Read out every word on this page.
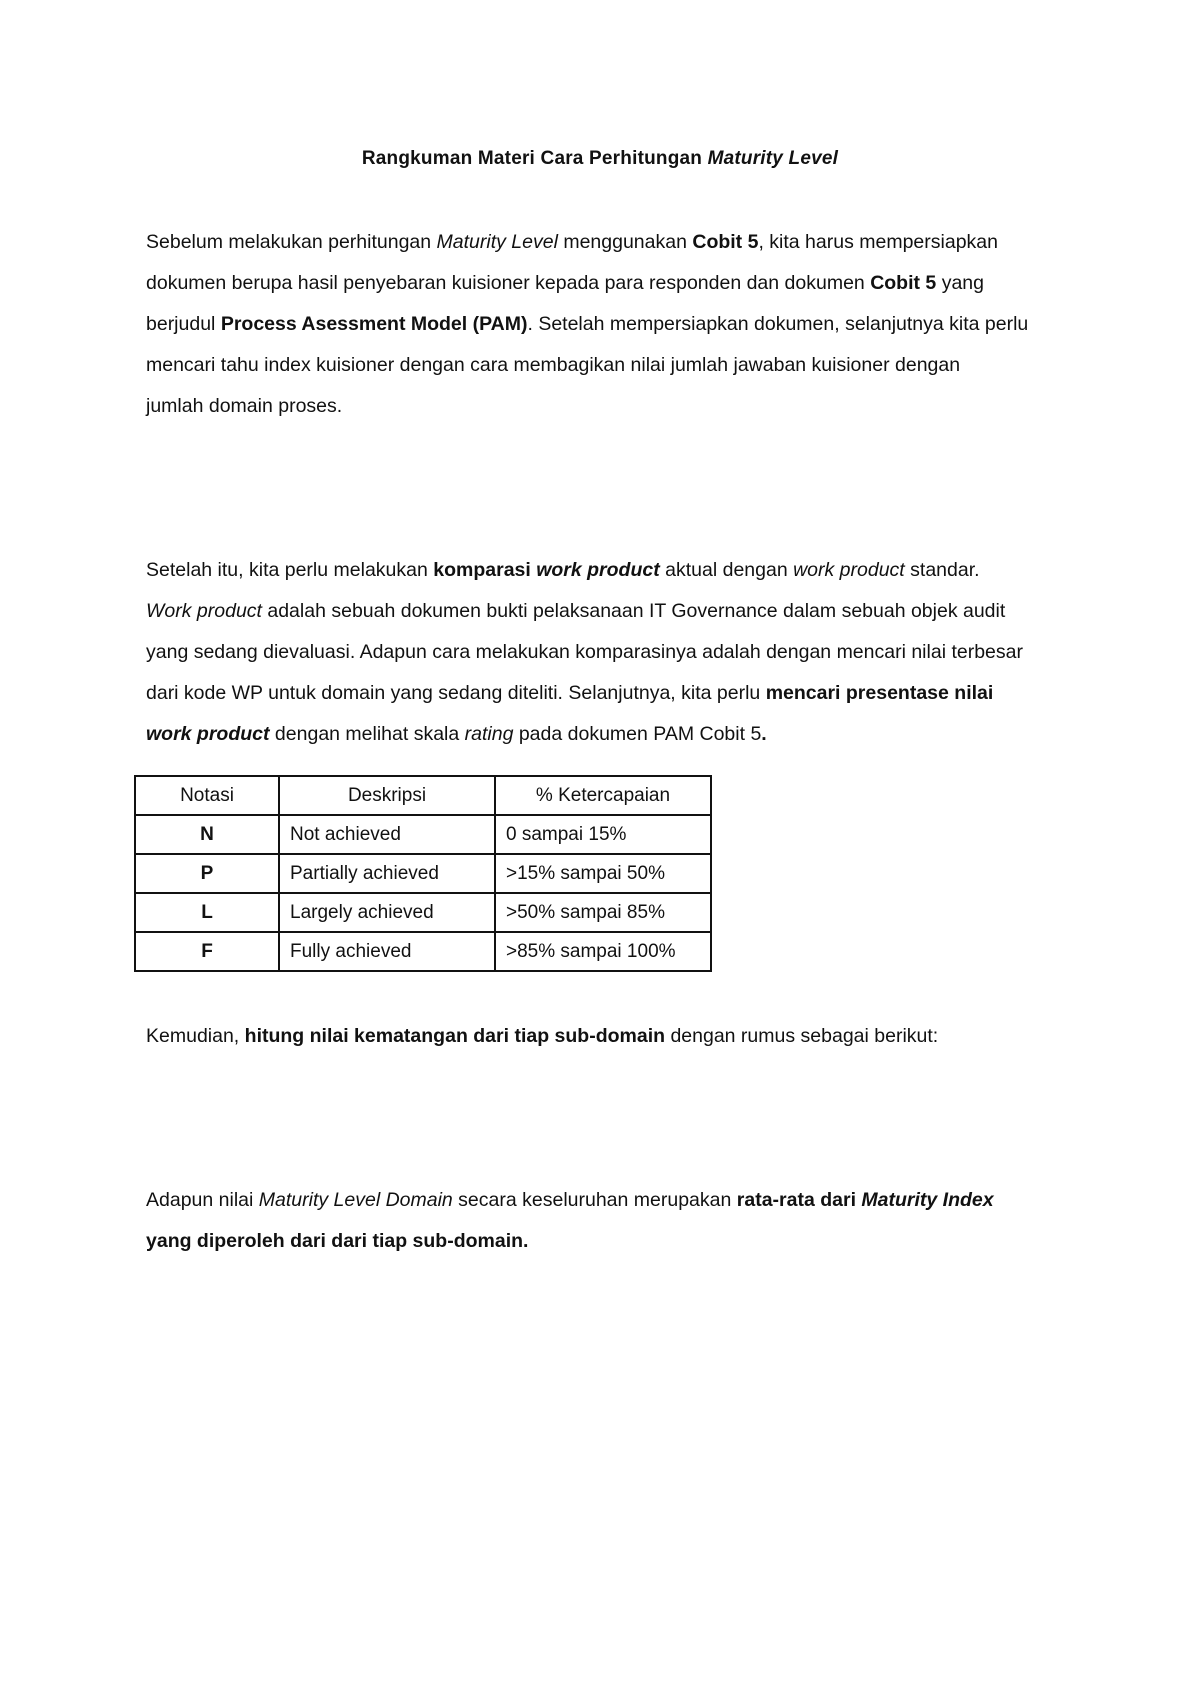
Rangkuman Materi Cara Perhitungan Maturity Level

Sebelum melakukan perhitungan Maturity Level menggunakan Cobit 5, kita harus mempersiapkan
dokumen berupa hasil penyebaran kuisioner kepada para responden dan dokumen Cobit 5 yang
berjudul Process Asessment Model (PAM). Setelah mempersiapkan dokumen, selanjutnya kita perlu
mencari tahu index kuisioner dengan cara membagikan nilai jumlah jawaban kuisioner dengan
jumlah domain proses.

Setelah itu, kita perlu melakukan komparasi work product aktual dengan work product standar.
Work product adalah sebuah dokumen bukti pelaksanaan IT Governance dalam sebuah objek audit
yang sedang dievaluasi. Adapun cara melakukan komparasinya adalah dengan mencari nilai terbesar
dari kode WP untuk domain yang sedang diteliti. Selanjutnya, kita perlu mencari presentase nilai
work product dengan melihat skala rating pada dokumen PAM Cobit 5.

Notasi	Deskripsi	% Ketercapaian
N	Not achieved	0 sampai 15%
P	Partially achieved	>15% sampai 50%
L	Largely achieved	>50% sampai 85%
F	Fully achieved	>85% sampai 100%

Kemudian, hitung nilai kematangan dari tiap sub-domain dengan rumus sebagai berikut:

Adapun nilai Maturity Level Domain secara keseluruhan merupakan rata-rata dari Maturity Index
yang diperoleh dari dari tiap sub-domain.
